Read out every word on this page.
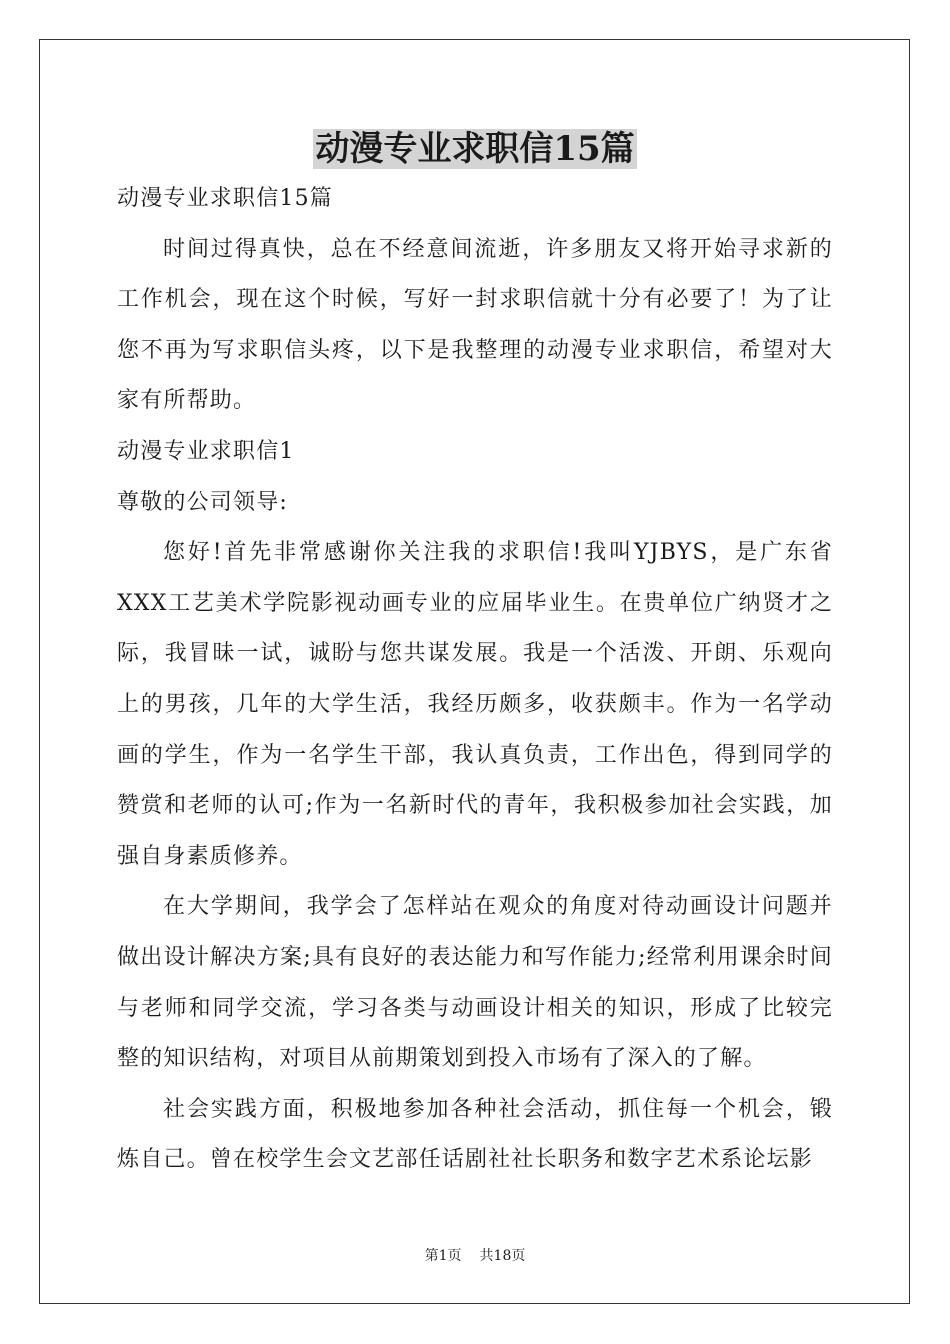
动漫专业求职信15篇

动漫专业求职信15篇

时间过得真快，总在不经意间流逝，许多朋友又将开始寻求新的工作机会，现在这个时候，写好一封求职信就十分有必要了！为了让您不再为写求职信头疼，以下是我整理的动漫专业求职信，希望对大家有所帮助。

动漫专业求职信1

尊敬的公司领导:

您好!首先非常感谢你关注我的求职信!我叫YJBYS，是广东省XXX工艺美术学院影视动画专业的应届毕业生。在贵单位广纳贤才之际，我冒昧一试，诚盼与您共谋发展。我是一个活泼、开朗、乐观向上的男孩，几年的大学生活，我经历颇多，收获颇丰。作为一名学动画的学生，作为一名学生干部，我认真负责，工作出色，得到同学的赞赏和老师的认可;作为一名新时代的青年，我积极参加社会实践，加强自身素质修养。

在大学期间，我学会了怎样站在观众的角度对待动画设计问题并做出设计解决方案;具有良好的表达能力和写作能力;经常利用课余时间与老师和同学交流，学习各类与动画设计相关的知识，形成了比较完整的知识结构，对项目从前期策划到投入市场有了深入的了解。

社会实践方面，积极地参加各种社会活动，抓住每一个机会，锻炼自己。曾在校学生会文艺部任话剧社社长职务和数字艺术系论坛影

第1页 共18页
